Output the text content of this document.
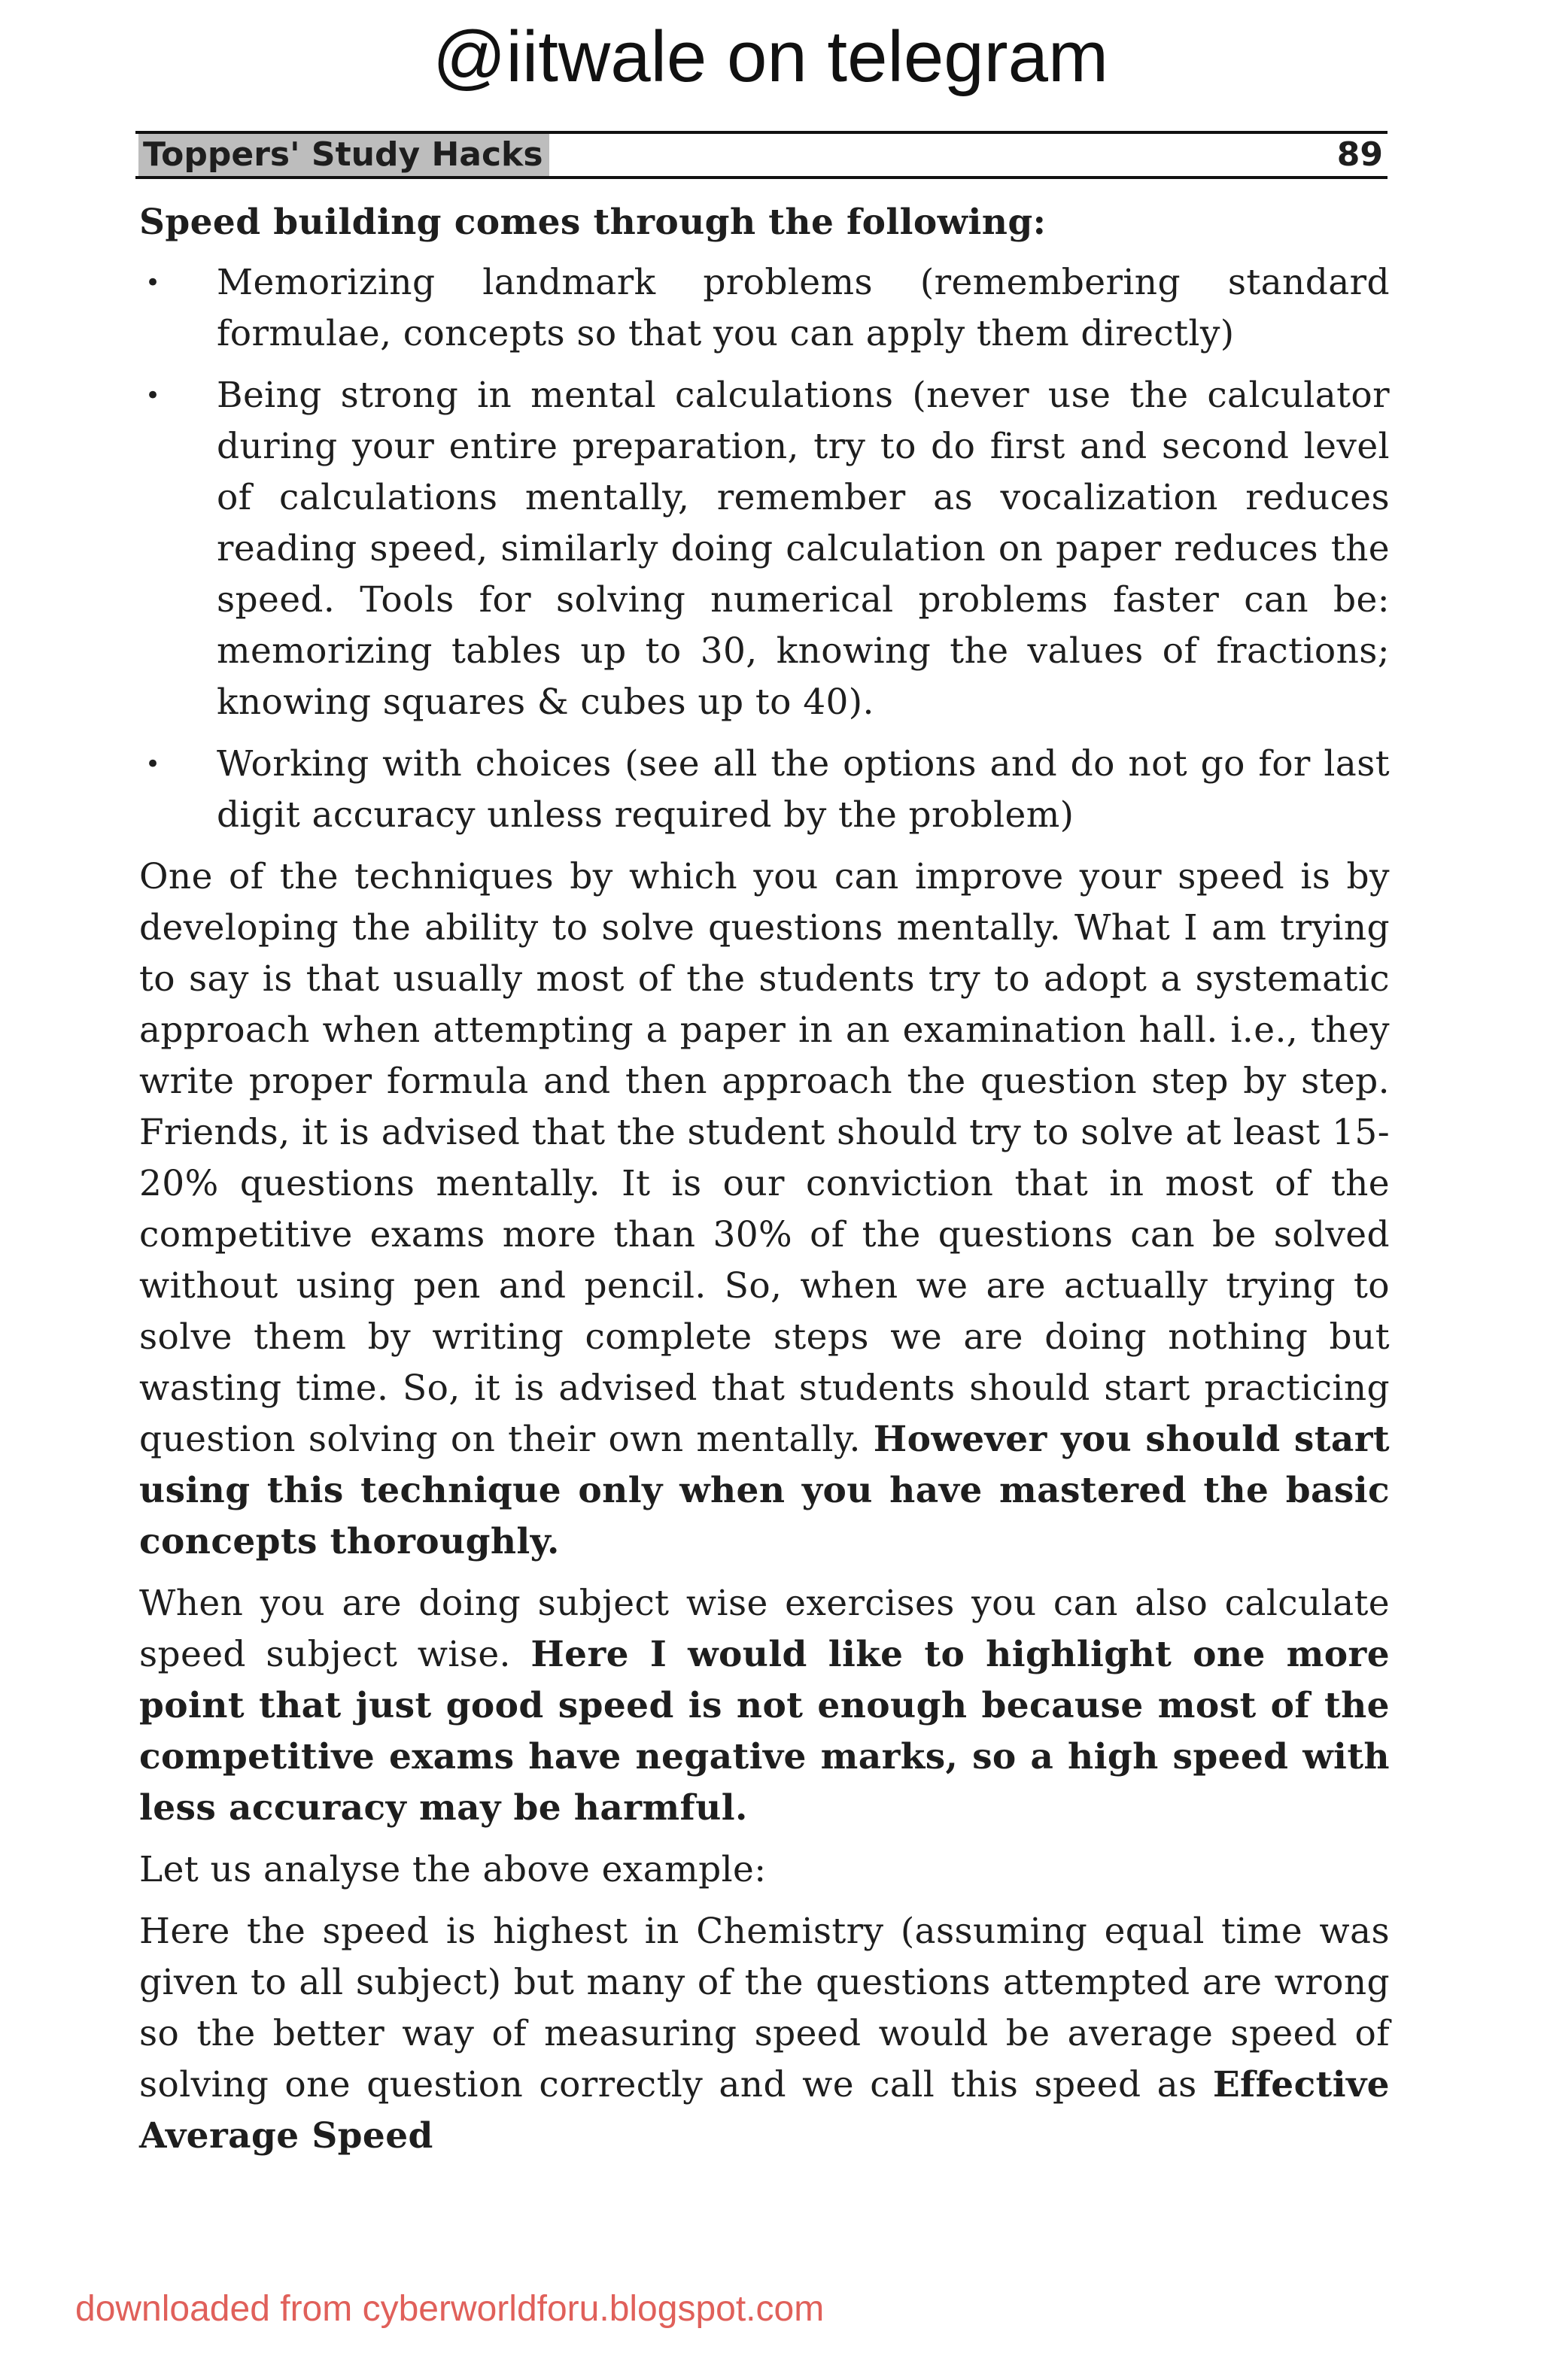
@iitwale on telegram
Toppers' Study Hacks	89

Speed building comes through the following:

• Memorizing landmark problems (remembering standard formulae, concepts so that you can apply them directly)
• Being strong in mental calculations (never use the calculator during your entire preparation, try to do first and second level of calculations mentally, remember as vocalization reduces reading speed, similarly doing calculation on paper reduces the speed. Tools for solving numerical problems faster can be: memorizing tables up to 30, knowing the values of fractions; knowing squares & cubes up to 40).
• Working with choices (see all the options and do not go for last digit accuracy unless required by the problem)

One of the techniques by which you can improve your speed is by developing the ability to solve questions mentally. What I am trying to say is that usually most of the students try to adopt a systematic approach when attempting a paper in an examination hall. i.e., they write proper formula and then approach the question step by step. Friends, it is advised that the student should try to solve at least 15-20% questions mentally. It is our conviction that in most of the competitive exams more than 30% of the questions can be solved without using pen and pencil. So, when we are actually trying to solve them by writing complete steps we are doing nothing but wasting time. So, it is advised that students should start practicing question solving on their own mentally. However you should start using this technique only when you have mastered the basic concepts thoroughly.

When you are doing subject wise exercises you can also calculate speed subject wise. Here I would like to highlight one more point that just good speed is not enough because most of the competitive exams have negative marks, so a high speed with less accuracy may be harmful.

Let us analyse the above example:

Here the speed is highest in Chemistry (assuming equal time was given to all subject) but many of the questions attempted are wrong so the better way of measuring speed would be average speed of solving one question correctly and we call this speed as Effective Average Speed

downloaded from cyberworldforu.blogspot.com
